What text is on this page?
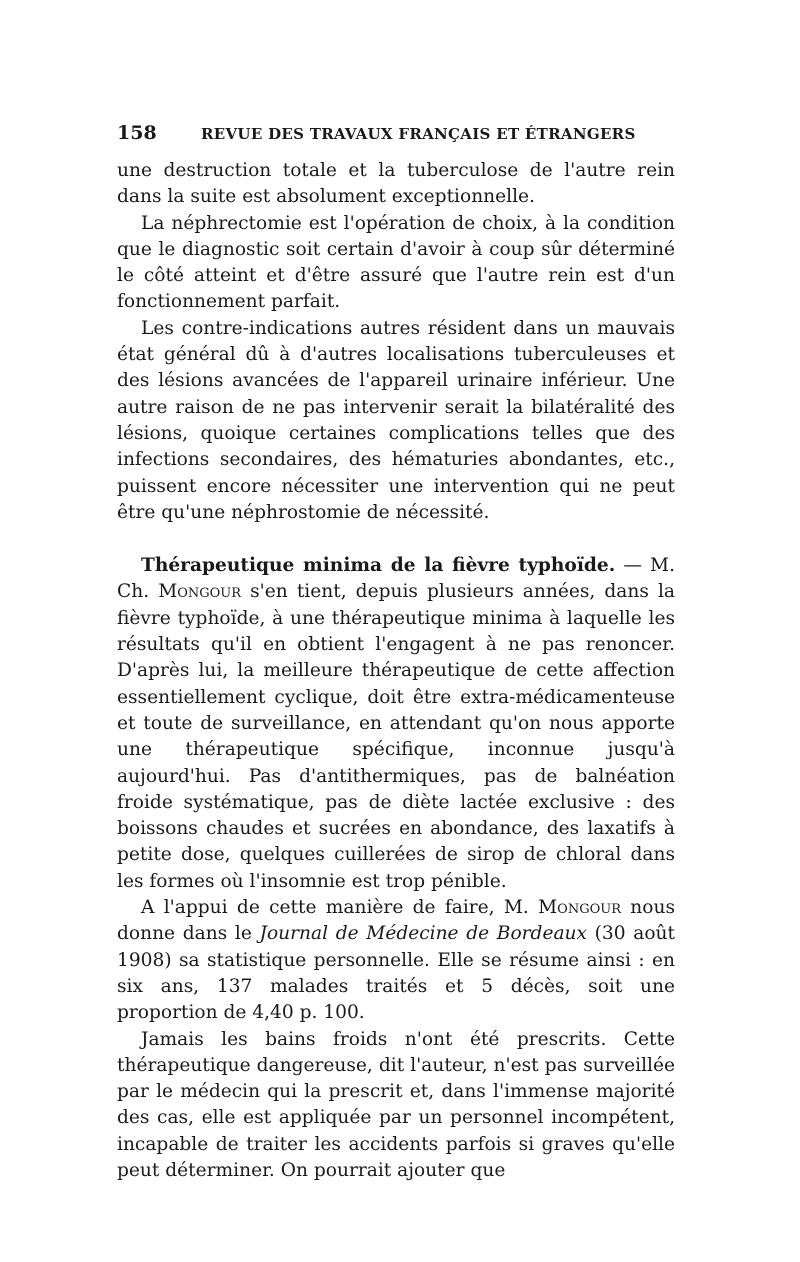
158	REVUE DES TRAVAUX FRANÇAIS ET ÉTRANGERS

une destruction totale et la tuberculose de l'autre rein dans la suite est absolument exceptionnelle.

La néphrectomie est l'opération de choix, à la condition que le diagnostic soit certain d'avoir à coup sûr déterminé le côté atteint et d'être assuré que l'autre rein est d'un fonctionnement parfait.

Les contre-indications autres résident dans un mauvais état général dû à d'autres localisations tuberculeuses et des lésions avancées de l'appareil urinaire inférieur. Une autre raison de ne pas intervenir serait la bilatéralité des lésions, quoique certaines complications telles que des infections secondaires, des hématuries abondantes, etc., puissent encore nécessiter une intervention qui ne peut être qu'une néphrostomie de nécessité.

Thérapeutique minima de la fièvre typhoïde. — M. Ch. Mongour s'en tient, depuis plusieurs années, dans la fièvre typhoïde, à une thérapeutique minima à laquelle les résultats qu'il en obtient l'engagent à ne pas renoncer. D'après lui, la meilleure thérapeutique de cette affection essentiellement cyclique, doit être extra-médicamenteuse et toute de surveillance, en attendant qu'on nous apporte une thérapeutique spécifique, inconnue jusqu'à aujourd'hui. Pas d'antithermiques, pas de balnéation froide systématique, pas de diète lactée exclusive : des boissons chaudes et sucrées en abondance, des laxatifs à petite dose, quelques cuillerées de sirop de chloral dans les formes où l'insomnie est trop pénible.

A l'appui de cette manière de faire, M. Mongour nous donne dans le Journal de Médecine de Bordeaux (30 août 1908) sa statistique personnelle. Elle se résume ainsi : en six ans, 137 malades traités et 5 décès, soit une proportion de 4,40 p. 100.

Jamais les bains froids n'ont été prescrits. Cette thérapeutique dangereuse, dit l'auteur, n'est pas surveillée par le médecin qui la prescrit et, dans l'immense majorité des cas, elle est appliquée par un personnel incompétent, incapable de traiter les accidents parfois si graves qu'elle peut déterminer. On pourrait ajouter que
